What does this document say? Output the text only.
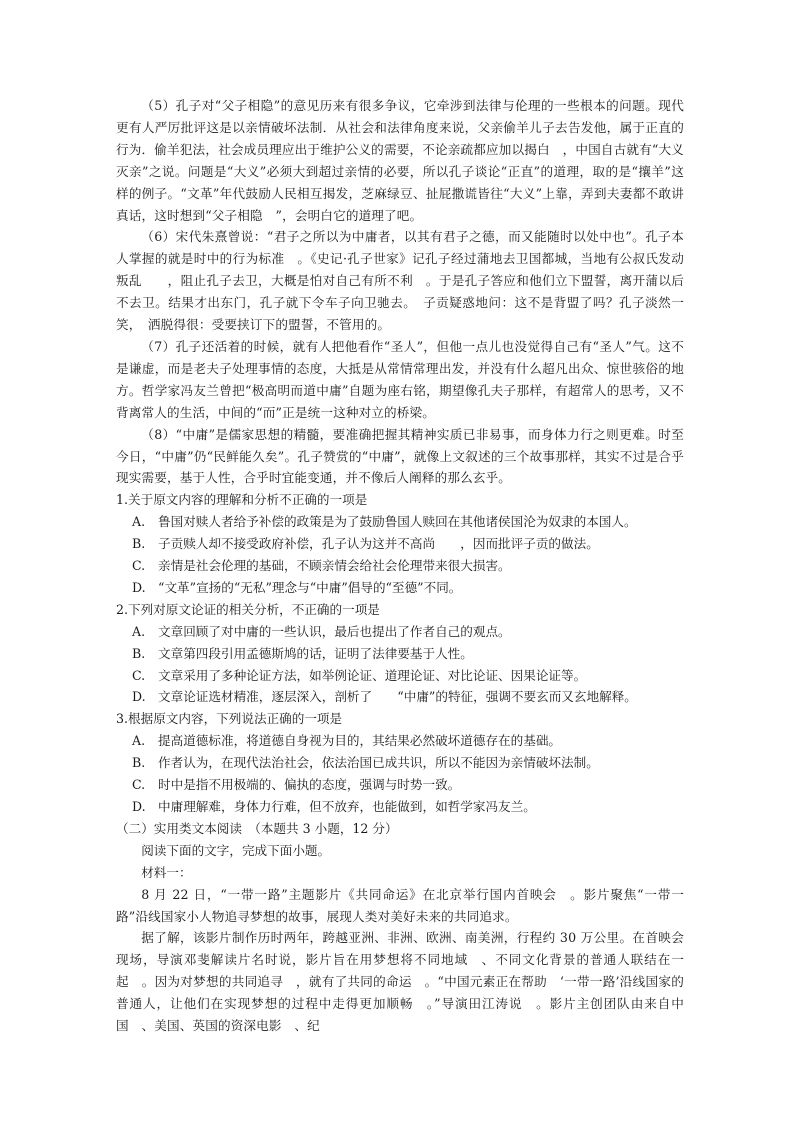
（5）孔子对“父子相隐”的意见历来有很多争议，它牵涉到法律与伦理的一些根本的问题。现代更有人严厉批评这是以亲情破坏法制．从社会和法律角度来说，父亲偷羊儿子去告发他，属于正直的行为．偷羊犯法，社会成员理应出于维护公义的需要，不论亲疏都应加以揭白　，中国自古就有“大义灭亲”之说。问题是“大义”必须大到超过亲情的必要，所以孔子谈论“正直”的道理，取的是“攘羊”这样的例子。“文革”年代鼓励人民相互揭发，芝麻绿豆、扯屁撒谎皆往“大义”上靠，弄到夫妻都不敢讲真话，这时想到“父子相隐　”，会明白它的道理了吧。

（6）宋代朱熹曾说：“君子之所以为中庸者，以其有君子之德，而又能随时以处中也”。孔子本人掌握的就是时中的行为标准　。《史记·孔子世家》记孔子经过蒲地去卫国都城，当地有公叔氏发动叛乱　　，阻止孔子去卫，大概是怕对自己有所不利　。于是孔子答应和他们立下盟誓，离开蒲以后不去卫。结果才出东门，孔子就下令车子向卫驰去。　子贡疑惑地问：这不是背盟了吗？孔子淡然一笑，　洒脱得很：受要挟订下的盟誓，不管用的。

（7）孔子还活着的时候，就有人把他看作“圣人”，但他一点儿也没觉得自己有“圣人”气。这不是谦虚，而是老夫子处理事情的态度，大抵是从常情常理出发，并没有什么超凡出众、惊世骇俗的地方。哲学家冯友兰曾把“极高明而道中庸”自题为座右铭，期望像孔夫子那样，有超常人的思考，又不背离常人的生活，中间的“而”正是统一这种对立的桥梁。

（8）“中庸”是儒家思想的精髓，要准确把握其精神实质已非易事，而身体力行之则更难。时至今日，“中庸”仍“民鲜能久矣”。孔子赞赏的“中庸”，就像上文叙述的三个故事那样，其实不过是合乎现实需要，基于人性，合乎时宜能变通，并不像后人阐释的那么玄乎。

1.关于原文内容的理解和分析不正确的一项是

A. 鲁国对赎人者给予补偿的政策是为了鼓励鲁国人赎回在其他诸侯国沦为奴隶的本国人。

B. 子贡赎人却不接受政府补偿，孔子认为这并不高尚　　，因而批评子贡的做法。

C. 亲情是社会伦理的基础，不顾亲情会给社会伦理带来很大损害。

D. “文革”宣扬的“无私”理念与“中庸”倡导的“至德”不同。

2.下列对原文论证的相关分析，不正确的一项是

A. 文章回顾了对中庸的一些认识，最后也提出了作者自己的观点。

B. 文章第四段引用孟德斯鸠的话，证明了法律要基于人性。

C. 文章采用了多种论证方法，如举例论证、道理论证、对比论证、因果论证等。

D. 文章论证选材精准，逐层深入，剖析了　　“中庸”的特征，强调不要玄而又玄地解释。

3.根据原文内容，下列说法正确的一项是

A. 提高道德标准，将道德自身视为目的，其结果必然破坏道德存在的基础。

B. 作者认为，在现代法治社会，依法治国已成共识，所以不能因为亲情破坏法制。

C. 时中是指不用极端的、偏执的态度，强调与时势一致。

D. 中庸理解难，身体力行难，但不放弃，也能做到，如哲学家冯友兰。

（二）实用类文本阅读　（本题共 3 小题，12 分）

阅读下面的文字，完成下面小题。

材料一：

8 月 22 日，“一带一路”主题影片《共同命运》在北京举行国内首映会　。影片聚焦“一带一路”沿线国家小人物追寻梦想的故事，展现人类对美好未来的共同追求。

据了解，该影片制作历时两年，跨越亚洲、非洲、欧洲、南美洲，行程约 30 万公里。在首映会现场，导演邓斐解读片名时说，影片旨在用梦想将不同地域　、不同文化背景的普通人联结在一起　。因为对梦想的共同追寻　，就有了共同的命运　。“中国元素正在帮助　‘一带一路’沿线国家的普通人，让他们在实现梦想的过程中走得更加顺畅　。”导演田江涛说　。影片主创团队由来自中国　、美国、英国的资深电影　、纪
